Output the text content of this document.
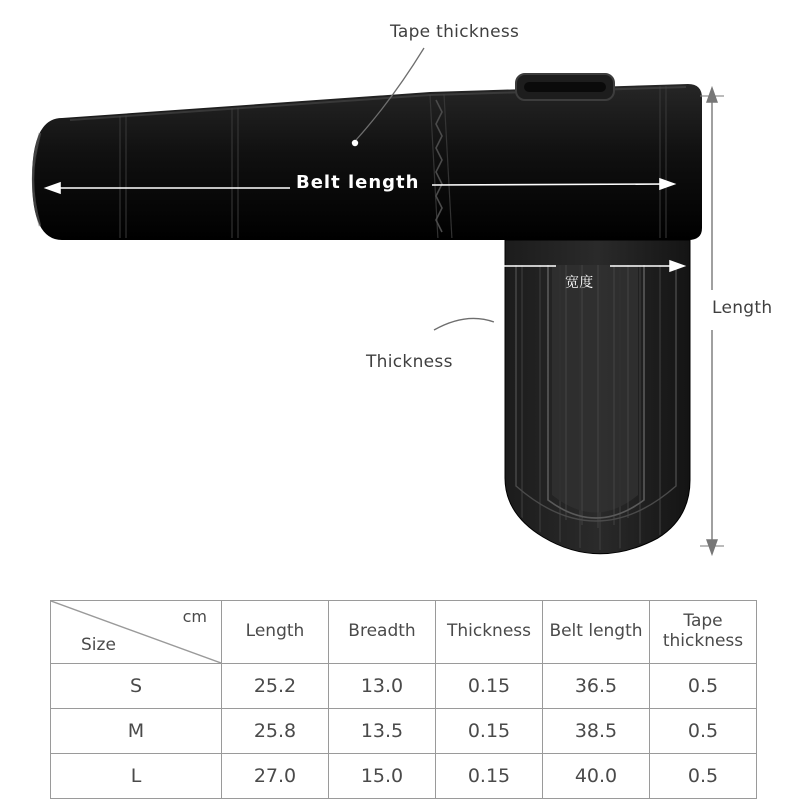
Tape thickness
Belt length
宽度
Thickness
Length
cm
Size	Length	Breadth	Thickness	Belt length	Tape thickness
S	25.2	13.0	0.15	36.5	0.5
M	25.8	13.5	0.15	38.5	0.5
L	27.0	15.0	0.15	40.0	0.5
